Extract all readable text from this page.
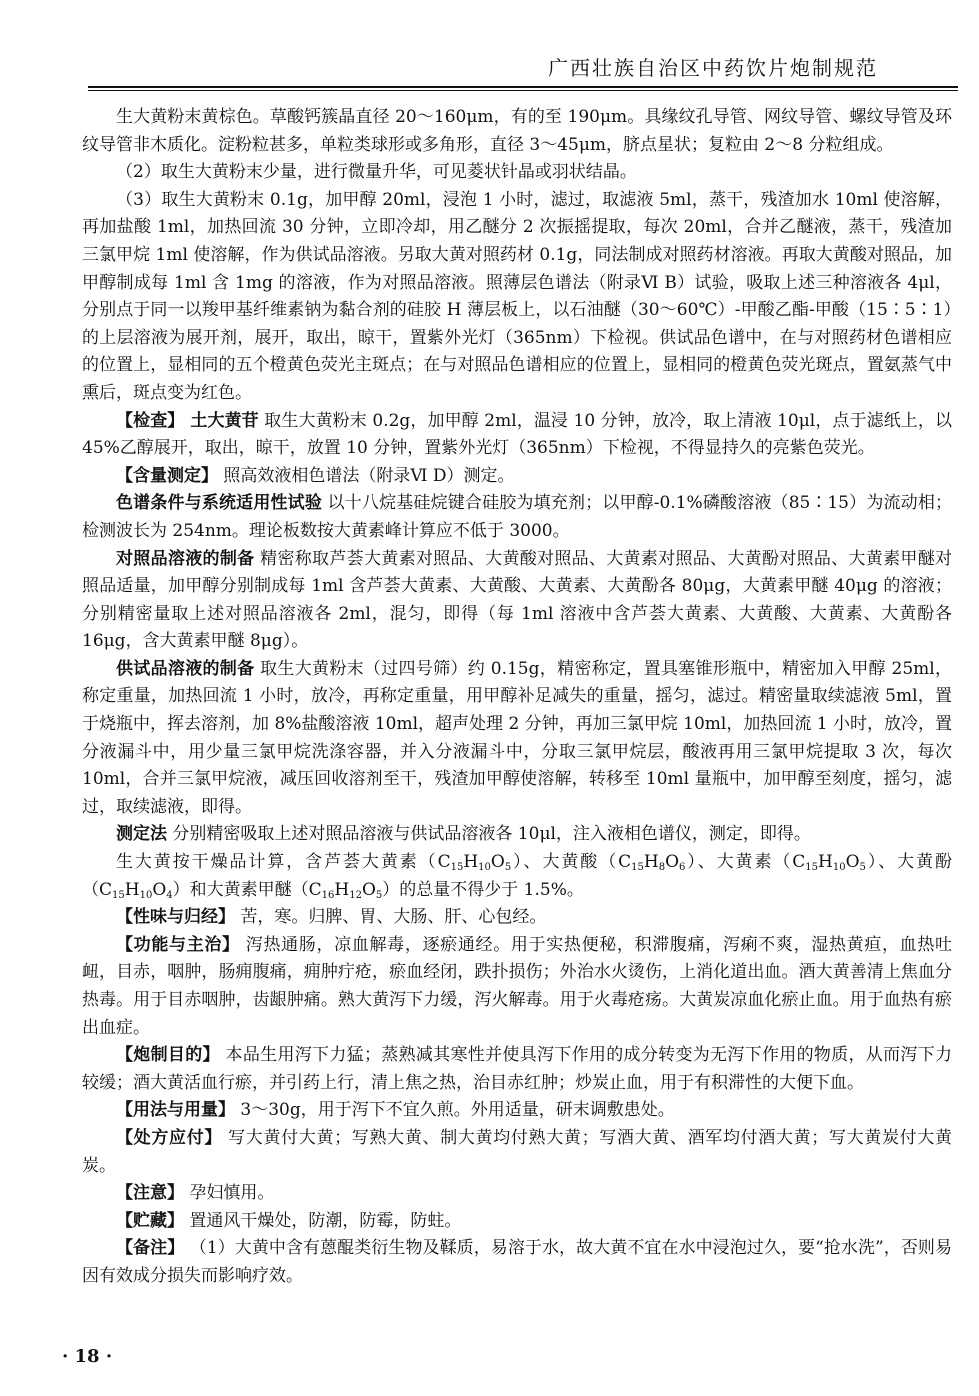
广西壮族自治区中药饮片炮制规范

生大黄粉末黄棕色。草酸钙簇晶直径 20～160μm，有的至 190μm。具缘纹孔导管、网纹导管、螺纹导管及环纹导管非木质化。淀粉粒甚多，单粒类球形或多角形，直径 3～45μm，脐点星状；复粒由 2～8 分粒组成。

（2）取生大黄粉末少量，进行微量升华，可见菱状针晶或羽状结晶。

（3）取生大黄粉末 0.1g，加甲醇 20ml，浸泡 1 小时，滤过，取滤液 5ml，蒸干，残渣加水 10ml 使溶解，再加盐酸 1ml，加热回流 30 分钟，立即冷却，用乙醚分 2 次振摇提取，每次 20ml，合并乙醚液，蒸干，残渣加三氯甲烷 1ml 使溶解，作为供试品溶液。另取大黄对照药材 0.1g，同法制成对照药材溶液。再取大黄酸对照品，加甲醇制成每 1ml 含 1mg 的溶液，作为对照品溶液。照薄层色谱法（附录Ⅵ B）试验，吸取上述三种溶液各 4μl，分别点于同一以羧甲基纤维素钠为黏合剂的硅胶 H 薄层板上，以石油醚（30～60℃）-甲酸乙酯-甲酸（15∶5∶1）的上层溶液为展开剂，展开，取出，晾干，置紫外光灯（365nm）下检视。供试品色谱中，在与对照药材色谱相应的位置上，显相同的五个橙黄色荧光主斑点；在与对照品色谱相应的位置上，显相同的橙黄色荧光斑点，置氨蒸气中熏后，斑点变为红色。

【检查】 土大黄苷 取生大黄粉末 0.2g，加甲醇 2ml，温浸 10 分钟，放冷，取上清液 10μl，点于滤纸上，以 45%乙醇展开，取出，晾干，放置 10 分钟，置紫外光灯（365nm）下检视，不得显持久的亮紫色荧光。

【含量测定】 照高效液相色谱法（附录Ⅵ D）测定。

色谱条件与系统适用性试验 以十八烷基硅烷键合硅胶为填充剂；以甲醇-0.1%磷酸溶液（85∶15）为流动相；检测波长为 254nm。理论板数按大黄素峰计算应不低于 3000。

对照品溶液的制备 精密称取芦荟大黄素对照品、大黄酸对照品、大黄素对照品、大黄酚对照品、大黄素甲醚对照品适量，加甲醇分别制成每 1ml 含芦荟大黄素、大黄酸、大黄素、大黄酚各 80μg，大黄素甲醚 40μg 的溶液；分别精密量取上述对照品溶液各 2ml，混匀，即得（每 1ml 溶液中含芦荟大黄素、大黄酸、大黄素、大黄酚各 16μg，含大黄素甲醚 8μg）。

供试品溶液的制备 取生大黄粉末（过四号筛）约 0.15g，精密称定，置具塞锥形瓶中，精密加入甲醇 25ml，称定重量，加热回流 1 小时，放冷，再称定重量，用甲醇补足减失的重量，摇匀，滤过。精密量取续滤液 5ml，置于烧瓶中，挥去溶剂，加 8%盐酸溶液 10ml，超声处理 2 分钟，再加三氯甲烷 10ml，加热回流 1 小时，放冷，置分液漏斗中，用少量三氯甲烷洗涤容器，并入分液漏斗中，分取三氯甲烷层，酸液再用三氯甲烷提取 3 次，每次 10ml，合并三氯甲烷液，减压回收溶剂至干，残渣加甲醇使溶解，转移至 10ml 量瓶中，加甲醇至刻度，摇匀，滤过，取续滤液，即得。

测定法 分别精密吸取上述对照品溶液与供试品溶液各 10μl，注入液相色谱仪，测定，即得。

生大黄按干燥品计算，含芦荟大黄素$(C_{15}H_{10}O_5)$、大黄酸$(C_{15}H_8O_6)$、大黄素$(C_{15}H_{10}O_5)$、大黄酚$(C_{15}H_{10}O_4)$和大黄素甲醚$(C_{16}H_{12}O_5)$的总量不得少于 1.5%。

【性味与归经】 苦，寒。归脾、胃、大肠、肝、心包经。

【功能与主治】 泻热通肠，凉血解毒，逐瘀通经。用于实热便秘，积滞腹痛，泻痢不爽，湿热黄疸，血热吐衄，目赤，咽肿，肠痈腹痛，痈肿疔疮，瘀血经闭，跌扑损伤；外治水火烫伤，上消化道出血。酒大黄善清上焦血分热毒。用于目赤咽肿，齿龈肿痛。熟大黄泻下力缓，泻火解毒。用于火毒疮疡。大黄炭凉血化瘀止血。用于血热有瘀出血症。

【炮制目的】 本品生用泻下力猛；蒸熟减其寒性并使具泻下作用的成分转变为无泻下作用的物质，从而泻下力较缓；酒大黄活血行瘀，并引药上行，清上焦之热，治目赤红肿；炒炭止血，用于有积滞性的大便下血。

【用法与用量】 3～30g，用于泻下不宜久煎。外用适量，研末调敷患处。

【处方应付】 写大黄付大黄；写熟大黄、制大黄均付熟大黄；写酒大黄、酒军均付酒大黄；写大黄炭付大黄炭。

【注意】 孕妇慎用。

【贮藏】 置通风干燥处，防潮，防霉，防蛀。

【备注】 （1）大黄中含有蒽醌类衍生物及鞣质，易溶于水，故大黄不宜在水中浸泡过久，要“抢水洗”，否则易因有效成分损失而影响疗效。

· 18 ·
